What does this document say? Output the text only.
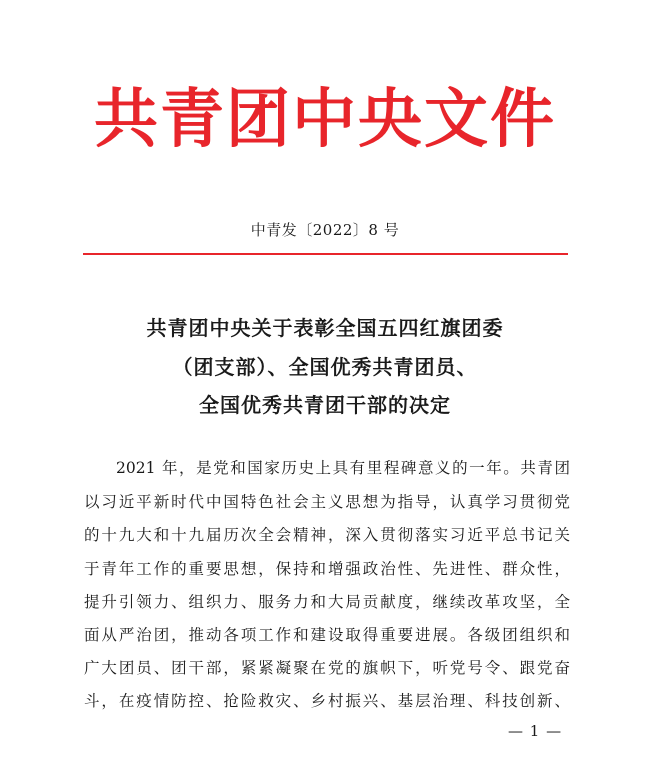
共青团中央文件
中青发〔2022〕8 号
共青团中央关于表彰全国五四红旗团委
（团支部）、全国优秀共青团员、
全国优秀共青团干部的决定
2021 年，是党和国家历史上具有里程碑意义的一年。共青团
以习近平新时代中国特色社会主义思想为指导，认真学习贯彻党
的十九大和十九届历次全会精神，深入贯彻落实习近平总书记关
于青年工作的重要思想，保持和增强政治性、先进性、群众性，
提升引领力、组织力、服务力和大局贡献度，继续改革攻坚，全
面从严治团，推动各项工作和建设取得重要进展。各级团组织和
广大团员、团干部，紧紧凝聚在党的旗帜下，听党号令、跟党奋
斗，在疫情防控、抢险救灾、乡村振兴、基层治理、科技创新、
— 1 —
